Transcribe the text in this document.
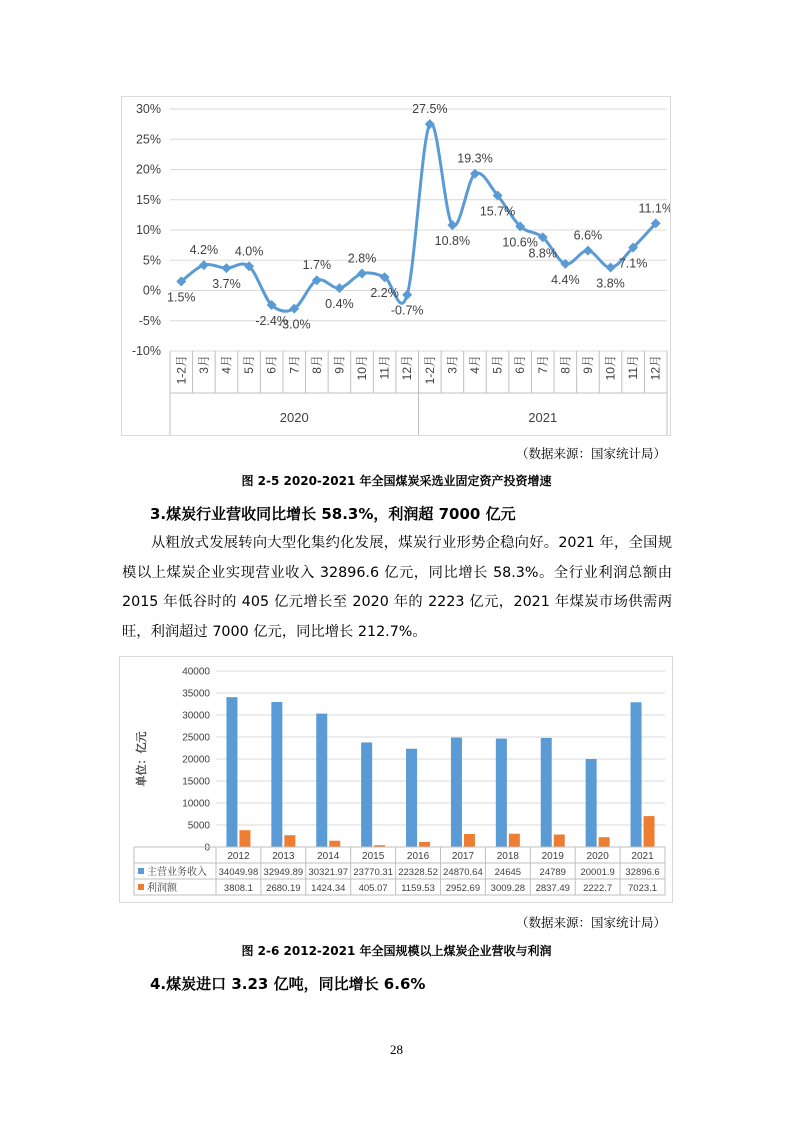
30%
25%
20%
15%
10%
5%
0%
-5%
-10%
1-2月 3月 4月 5月 6月 7月 8月 9月 10月 11月 12月 1-2月 3月 4月 5月 6月 7月 8月 9月 10月 11月 12月
2020	2021
1.5%
4.2%
3.7%
4.0%
-2.4%
-3.0%
1.7%
0.4%
2.8%
2.2%
-0.7%
27.5%
10.8%
19.3%
15.7%
10.6%
8.8%
4.4%
6.6%
3.8%
7.1%
11.1%
（数据来源：国家统计局）
图 2-5 2020-2021 年全国煤炭采选业固定资产投资增速
3.煤炭行业营收同比增长 58.3%，利润超 7000 亿元

从粗放式发展转向大型化集约化发展，煤炭行业形势企稳向好。2021 年，全国规模以上煤炭企业实现营业收入 32896.6 亿元，同比增长 58.3%。全行业利润总额由 2015 年低谷时的 405 亿元增长至 2020 年的 2223 亿元，2021 年煤炭市场供需两旺，利润超过 7000 亿元，同比增长 212.7%。

单位：亿元
40000
35000
30000
25000
20000
15000
10000
5000
0
2012
34049.98
3808.1
2013
32949.89
2680.19
2014
30321.97
1424.34
2015
23770.31
405.07
2016
22328.52
1159.53
2017
24870.64
2952.69
2018
24645
3009.28
2019
24789
2837.49
2020
20001.9
2222.7
2021
32896.6
7023.1
主营业务收入
利润额
（数据来源：国家统计局）
图 2-6 2012-2021 年全国规模以上煤炭企业营收与利润
4.煤炭进口 3.23 亿吨，同比增长 6.6%
28
